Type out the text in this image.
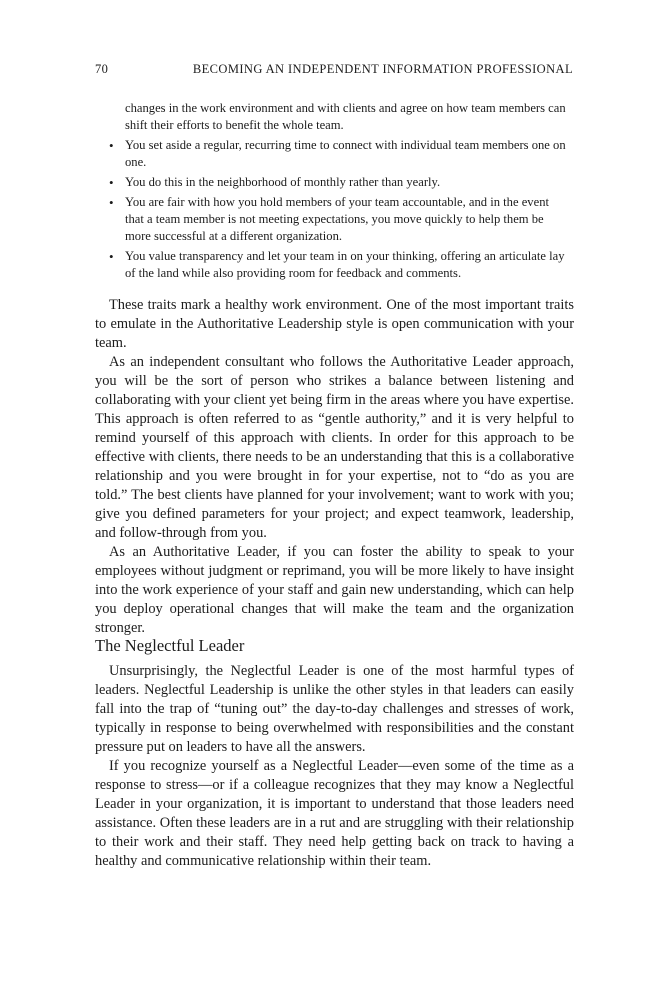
70	BECOMING AN INDEPENDENT INFORMATION PROFESSIONAL
changes in the work environment and with clients and agree on how team members can shift their efforts to benefit the whole team.
• You set aside a regular, recurring time to connect with individual team members one on one.
• You do this in the neighborhood of monthly rather than yearly.
• You are fair with how you hold members of your team accountable, and in the event that a team member is not meeting expectations, you move quickly to help them be more successful at a different organization.
• You value transparency and let your team in on your thinking, offering an articulate lay of the land while also providing room for feedback and comments.

These traits mark a healthy work environment. One of the most important traits to emulate in the Authoritative Leadership style is open communication with your team.

As an independent consultant who follows the Authoritative Leader approach, you will be the sort of person who strikes a balance between listening and collaborating with your client yet being firm in the areas where you have expertise. This approach is often referred to as “gentle authority,” and it is very helpful to remind yourself of this approach with clients. In order for this approach to be effective with clients, there needs to be an understanding that this is a collaborative relationship and you were brought in for your expertise, not to “do as you are told.” The best clients have planned for your involvement; want to work with you; give you defined parameters for your project; and expect teamwork, leadership, and follow-through from you.

As an Authoritative Leader, if you can foster the ability to speak to your employees without judgment or reprimand, you will be more likely to have insight into the work experience of your staff and gain new understanding, which can help you deploy operational changes that will make the team and the organization stronger.

The Neglectful Leader

Unsurprisingly, the Neglectful Leader is one of the most harmful types of leaders. Neglectful Leadership is unlike the other styles in that leaders can easily fall into the trap of “tuning out” the day-to-day challenges and stresses of work, typically in response to being overwhelmed with responsibilities and the constant pressure put on leaders to have all the answers.

If you recognize yourself as a Neglectful Leader—even some of the time as a response to stress—or if a colleague recognizes that they may know a Neglectful Leader in your organization, it is important to understand that those leaders need assistance. Often these leaders are in a rut and are struggling with their relationship to their work and their staff. They need help getting back on track to having a healthy and communicative relationship within their team.
